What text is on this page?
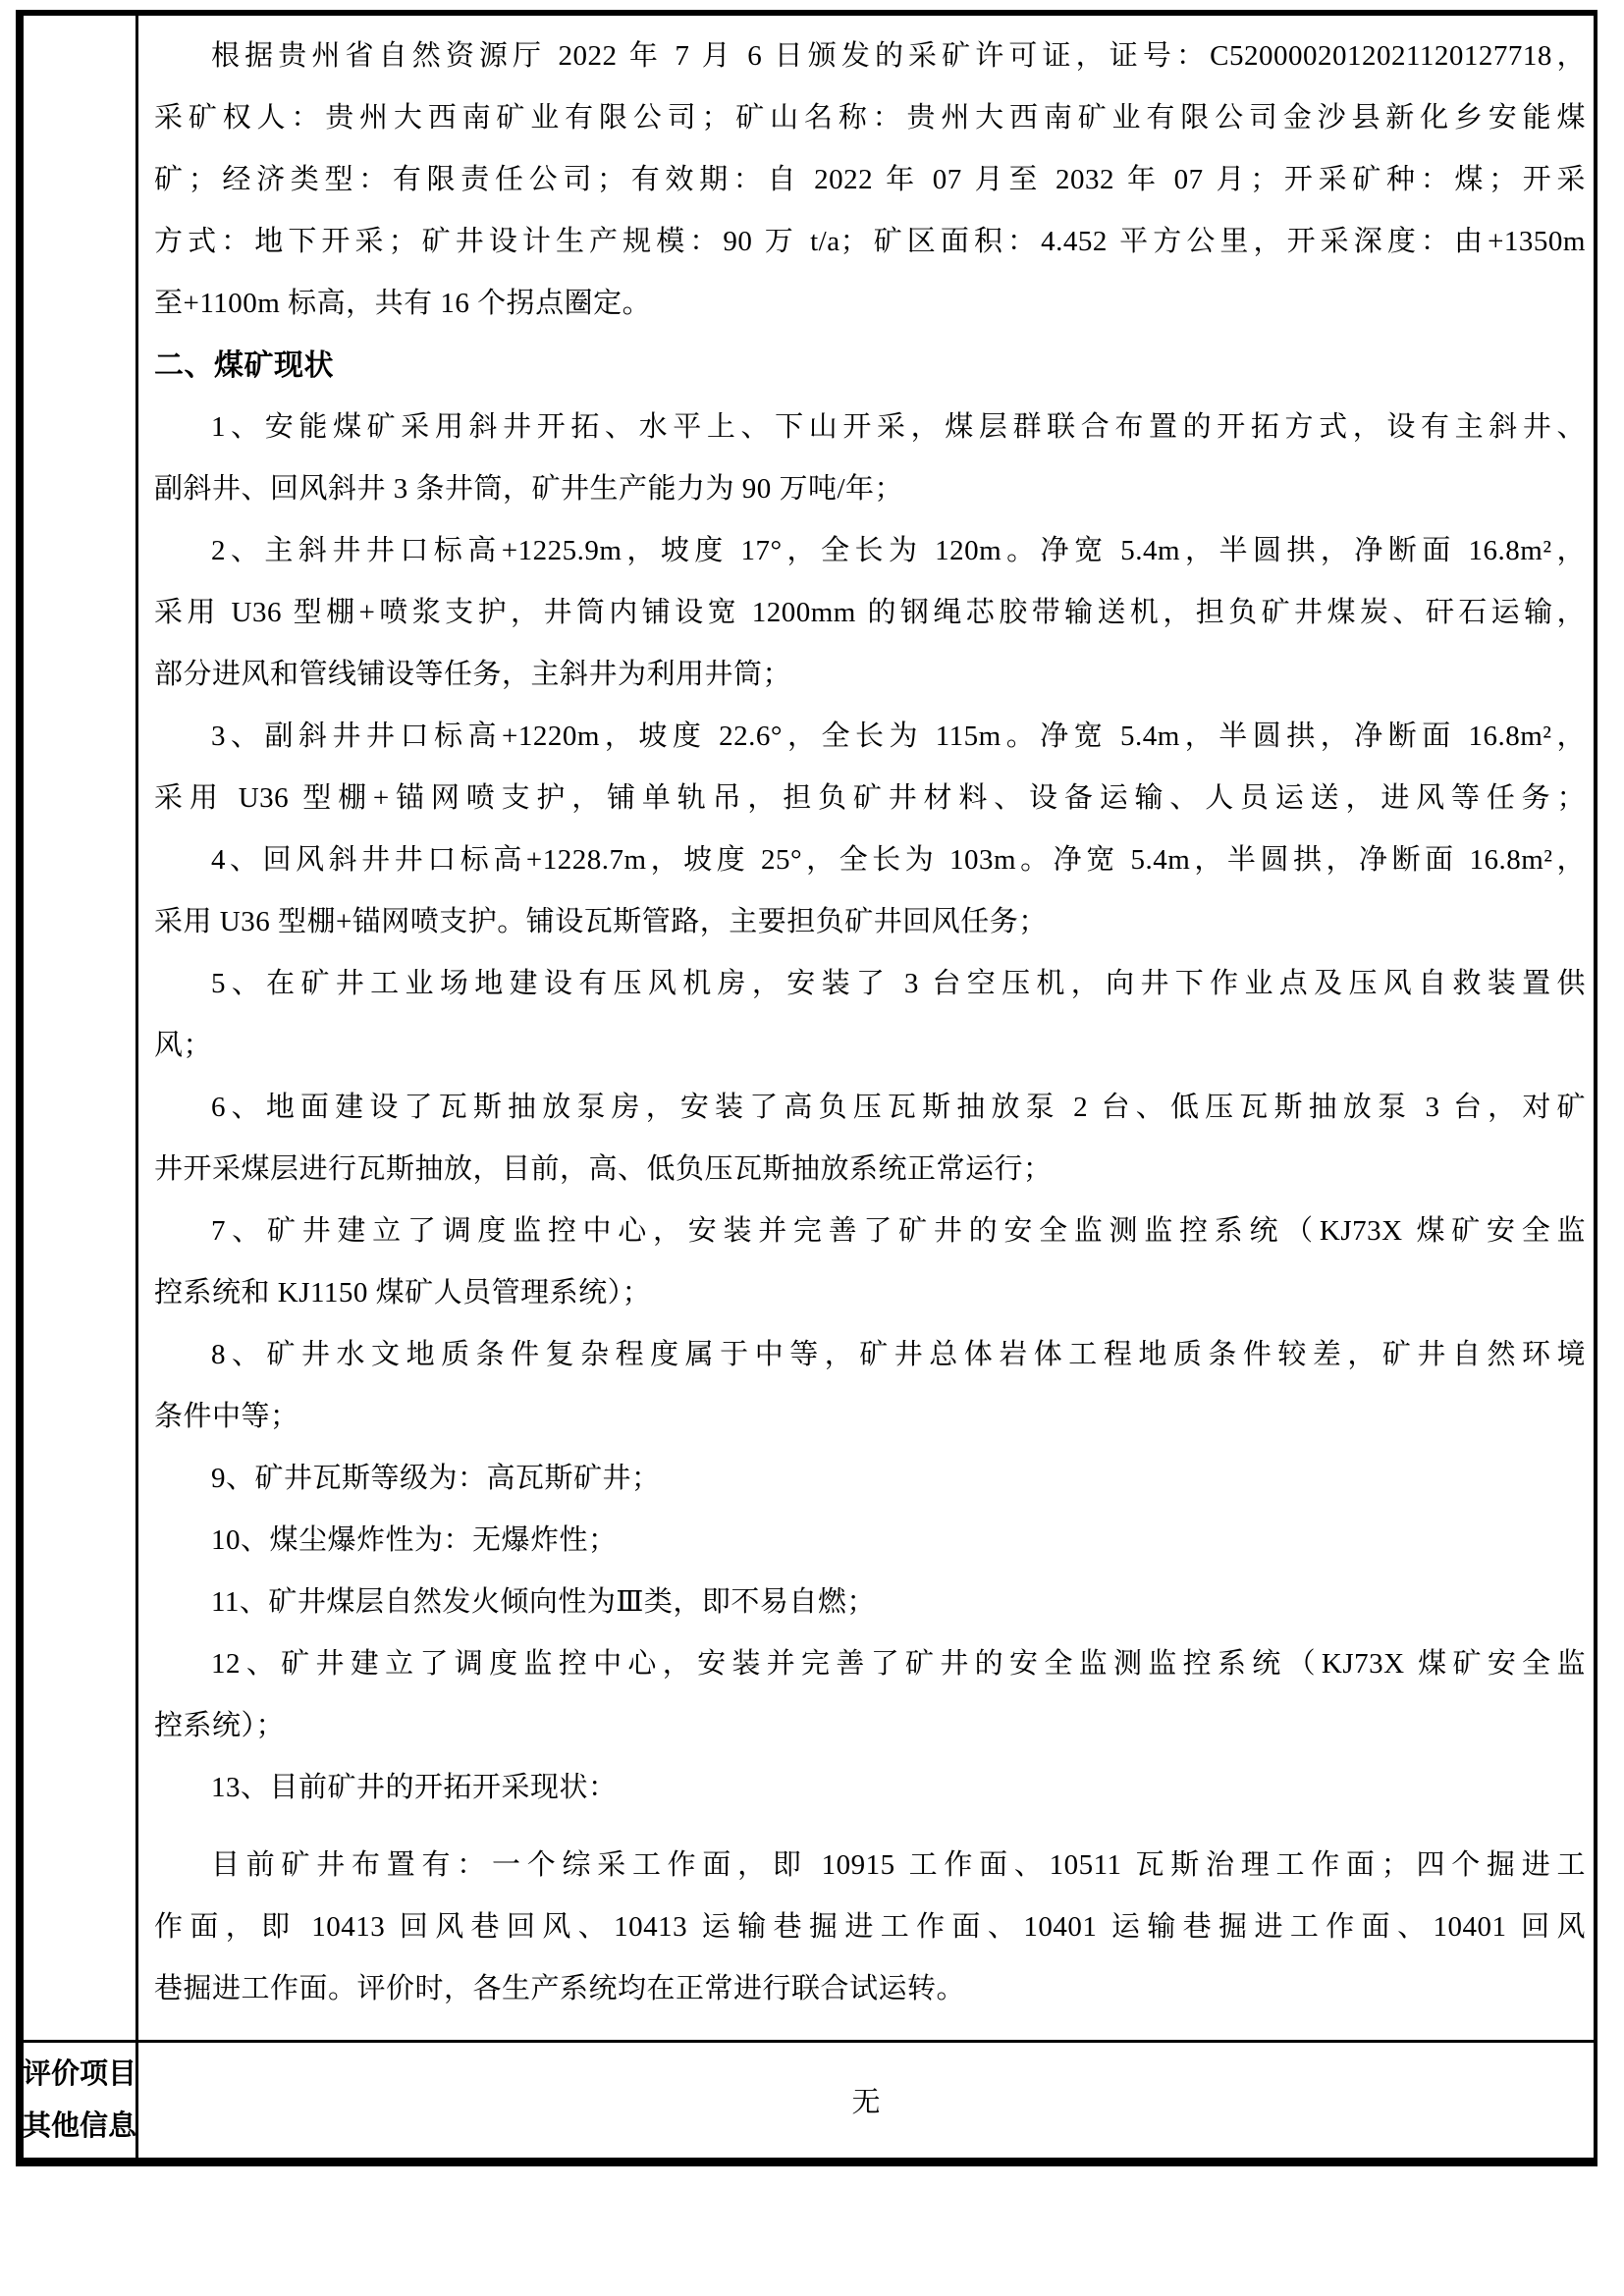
根据贵州省自然资源厅 2022 年 7 月 6 日颁发的采矿许可证，证号：C5200002012021120127718，
采矿权人：贵州大西南矿业有限公司；矿山名称：贵州大西南矿业有限公司金沙县新化乡安能煤
矿；经济类型：有限责任公司；有效期：自 2022 年 07 月至 2032 年 07 月；开采矿种：煤；开采
方式：地下开采；矿井设计生产规模：90 万 t/a；矿区面积：4.452 平方公里，开采深度：由+1350m
至+1100m 标高，共有 16 个拐点圈定。
二、煤矿现状
1、安能煤矿采用斜井开拓、水平上、下山开采，煤层群联合布置的开拓方式，设有主斜井、
副斜井、回风斜井 3 条井筒，矿井生产能力为 90 万吨/年；
2、主斜井井口标高+1225.9m，坡度 17°，全长为 120m。净宽 5.4m，半圆拱，净断面 16.8m²，
采用 U36 型棚+喷浆支护，井筒内铺设宽 1200mm 的钢绳芯胶带输送机，担负矿井煤炭、矸石运输，
部分进风和管线铺设等任务，主斜井为利用井筒；
3、副斜井井口标高+1220m，坡度 22.6°，全长为 115m。净宽 5.4m，半圆拱，净断面 16.8m²，
采用 U36 型棚+锚网喷支护，铺单轨吊，担负矿井材料、设备运输、人员运送，进风等任务；
4、回风斜井井口标高+1228.7m，坡度 25°，全长为 103m。净宽 5.4m，半圆拱，净断面 16.8m²，
采用 U36 型棚+锚网喷支护。铺设瓦斯管路，主要担负矿井回风任务；
5、在矿井工业场地建设有压风机房，安装了 3 台空压机，向井下作业点及压风自救装置供
风；
6、地面建设了瓦斯抽放泵房，安装了高负压瓦斯抽放泵 2 台、低压瓦斯抽放泵 3 台，对矿
井开采煤层进行瓦斯抽放，目前，高、低负压瓦斯抽放系统正常运行；
7、矿井建立了调度监控中心，安装并完善了矿井的安全监测监控系统（KJ73X 煤矿安全监
控系统和 KJ1150 煤矿人员管理系统）；
8、矿井水文地质条件复杂程度属于中等，矿井总体岩体工程地质条件较差，矿井自然环境
条件中等；
9、矿井瓦斯等级为：高瓦斯矿井；
10、煤尘爆炸性为：无爆炸性；
11、矿井煤层自然发火倾向性为Ⅲ类，即不易自燃；
12、矿井建立了调度监控中心，安装并完善了矿井的安全监测监控系统（KJ73X 煤矿安全监
控系统）；
13、目前矿井的开拓开采现状：
目前矿井布置有：一个综采工作面，即 10915 工作面、10511 瓦斯治理工作面；四个掘进工
作面，即 10413 回风巷回风、10413 运输巷掘进工作面、10401 运输巷掘进工作面、10401 回风
巷掘进工作面。评价时，各生产系统均在正常进行联合试运转。
评价项目
其他信息
无
